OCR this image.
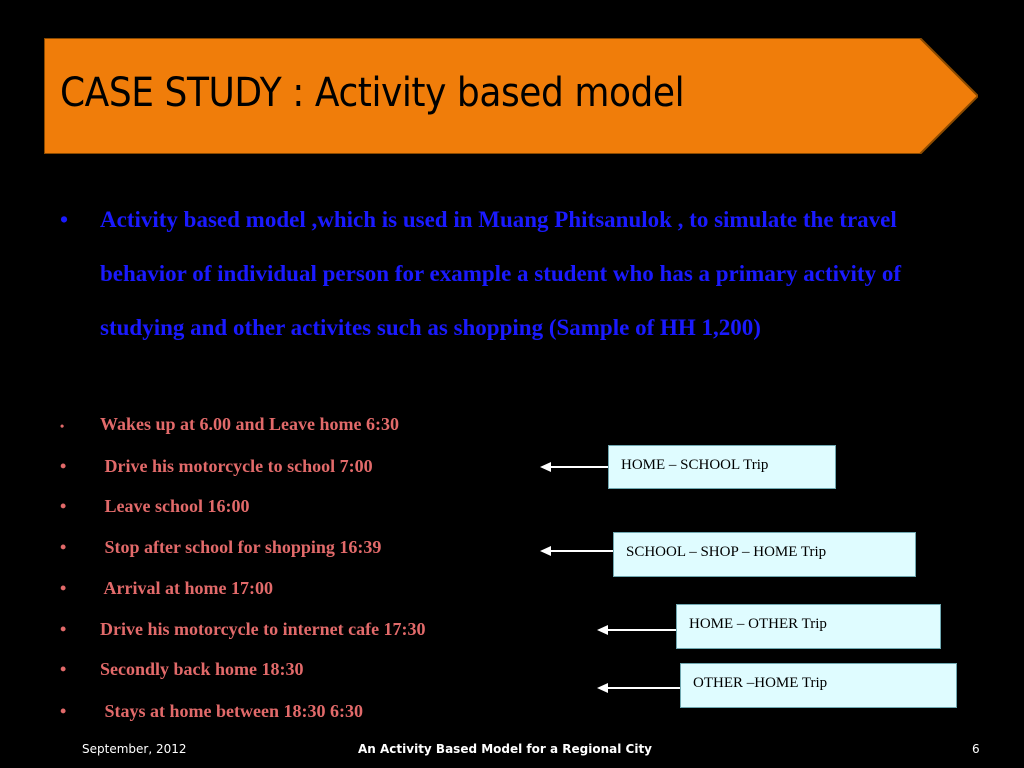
CASE STUDY : Activity based model
• Activity based model ,which is used in Muang Phitsanulok , to simulate the travel behavior of individual person for example a student who has a primary activity of studying and other activites such as shopping (Sample of HH 1,200)
• Wakes up at 6.00 and Leave home 6:30
• Drive his motorcycle to school 7:00
• Leave school 16:00
• Stop after school for shopping 16:39
• Arrival at home 17:00
• Drive his motorcycle to internet cafe 17:30
• Secondly back home 18:30
• Stays at home between 18:30 6:30
HOME – SCHOOL Trip
SCHOOL – SHOP – HOME Trip
HOME – OTHER Trip
OTHER –HOME Trip
September, 2012	An Activity Based Model for a Regional City	6
